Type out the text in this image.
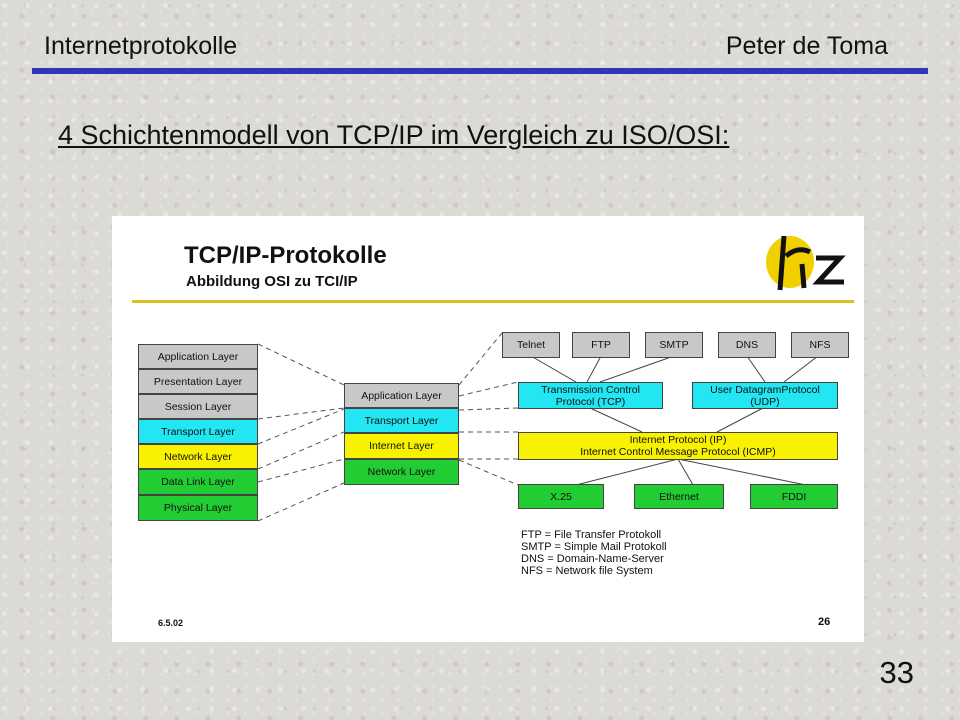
Internetprotokolle	Peter de Toma
4 Schichtenmodell von TCP/IP im Vergleich zu ISO/OSI:
TCP/IP-Protokolle
Abbildung OSI zu TCI/IP
Application Layer
Presentation Layer
Session Layer
Transport Layer
Network Layer
Data Link Layer
Physical Layer
Application Layer
Transport Layer
Internet Layer
Network Layer
Telnet	FTP	SMTP	DNS	NFS
Transmission Control
Protocol (TCP)
User DatagramProtocol
(UDP)
Internet Protocol (IP)
Internet Control Message Protocol (ICMP)
X.25	Ethernet	FDDI
FTP = File Transfer Protokoll
SMTP = Simple Mail Protokoll
DNS = Domain-Name-Server
NFS = Network file System
6.5.02	26
33
